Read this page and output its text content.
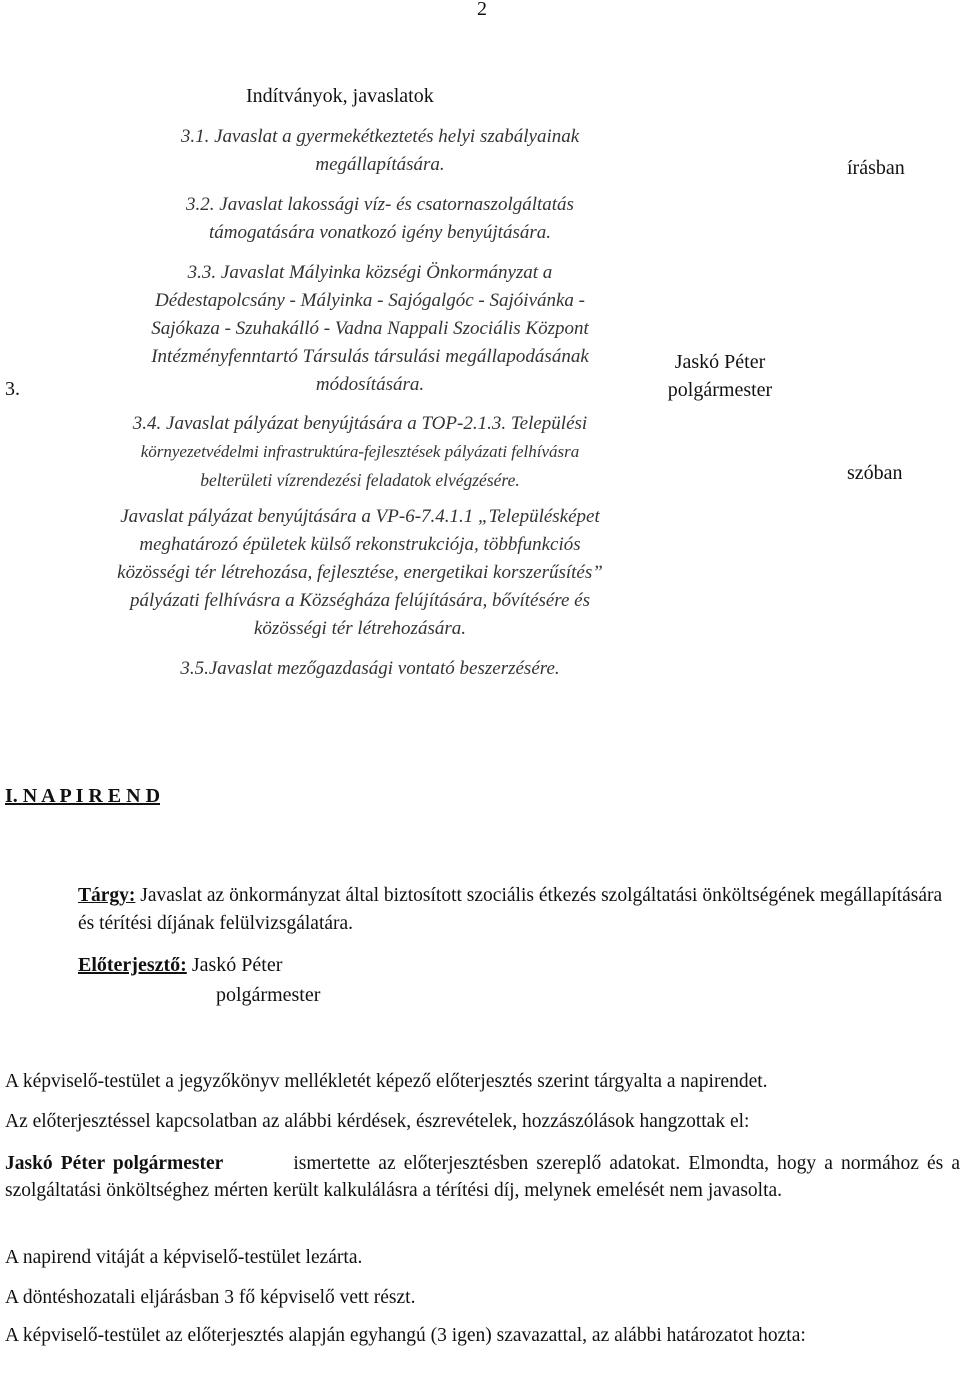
2
3.
Indítványok, javaslatok
3.1. Javaslat a gyermekétkeztetés helyi szabályainak
megállapítására.
3.2. Javaslat lakossági víz- és csatornaszolgáltatás
támogatására vonatkozó igény benyújtására.
3.3. Javaslat Mályinka községi Önkormányzat a
Dédestapolcsány - Mályinka - Sajógalgóc - Sajóivánka -
Sajókaza - Szuhakálló - Vadna Nappali Szociális Központ
Intézményfenntartó Társulás társulási megállapodásának
módosítására.
3.4. Javaslat pályázat benyújtására a TOP-2.1.3. Települési
környezetvédelmi infrastruktúra-fejlesztések pályázati felhívásra
belterületi vízrendezési feladatok elvégzésére.
Javaslat pályázat benyújtására a VP-6-7.4.1.1 „Településképet
meghatározó épületek külső rekonstrukciója, többfunkciós
közösségi tér létrehozása, fejlesztése, energetikai korszerűsítés”
pályázati felhívásra a Községháza felújítására, bővítésére és
közösségi tér létrehozására.
3.5.Javaslat mezőgazdasági vontató beszerzésére.
Jaskó Péter
polgármester
írásban
szóban
I. N A P I R E N D
Tárgy: Javaslat az önkormányzat által biztosított szociális étkezés szolgáltatási önköltségének megállapítására és térítési díjának felülvizsgálatára.
Előterjesztő: Jaskó Péter
polgármester
A képviselő-testület a jegyzőkönyv mellékletét képező előterjesztés szerint tárgyalta a napirendet.
Az előterjesztéssel kapcsolatban az alábbi kérdések, észrevételek, hozzászólások hangzottak el:
Jaskó Péter polgármester	ismertette az előterjesztésben szereplő adatokat. Elmondta, hogy a normához és a szolgáltatási önköltséghez mérten került kalkulálásra a térítési díj, melynek emelését nem javasolta.
A napirend vitáját a képviselő-testület lezárta.
A döntéshozatali eljárásban 3 fő képviselő vett részt.
A képviselő-testület az előterjesztés alapján egyhangú (3 igen) szavazattal, az alábbi határozatot hozta:
